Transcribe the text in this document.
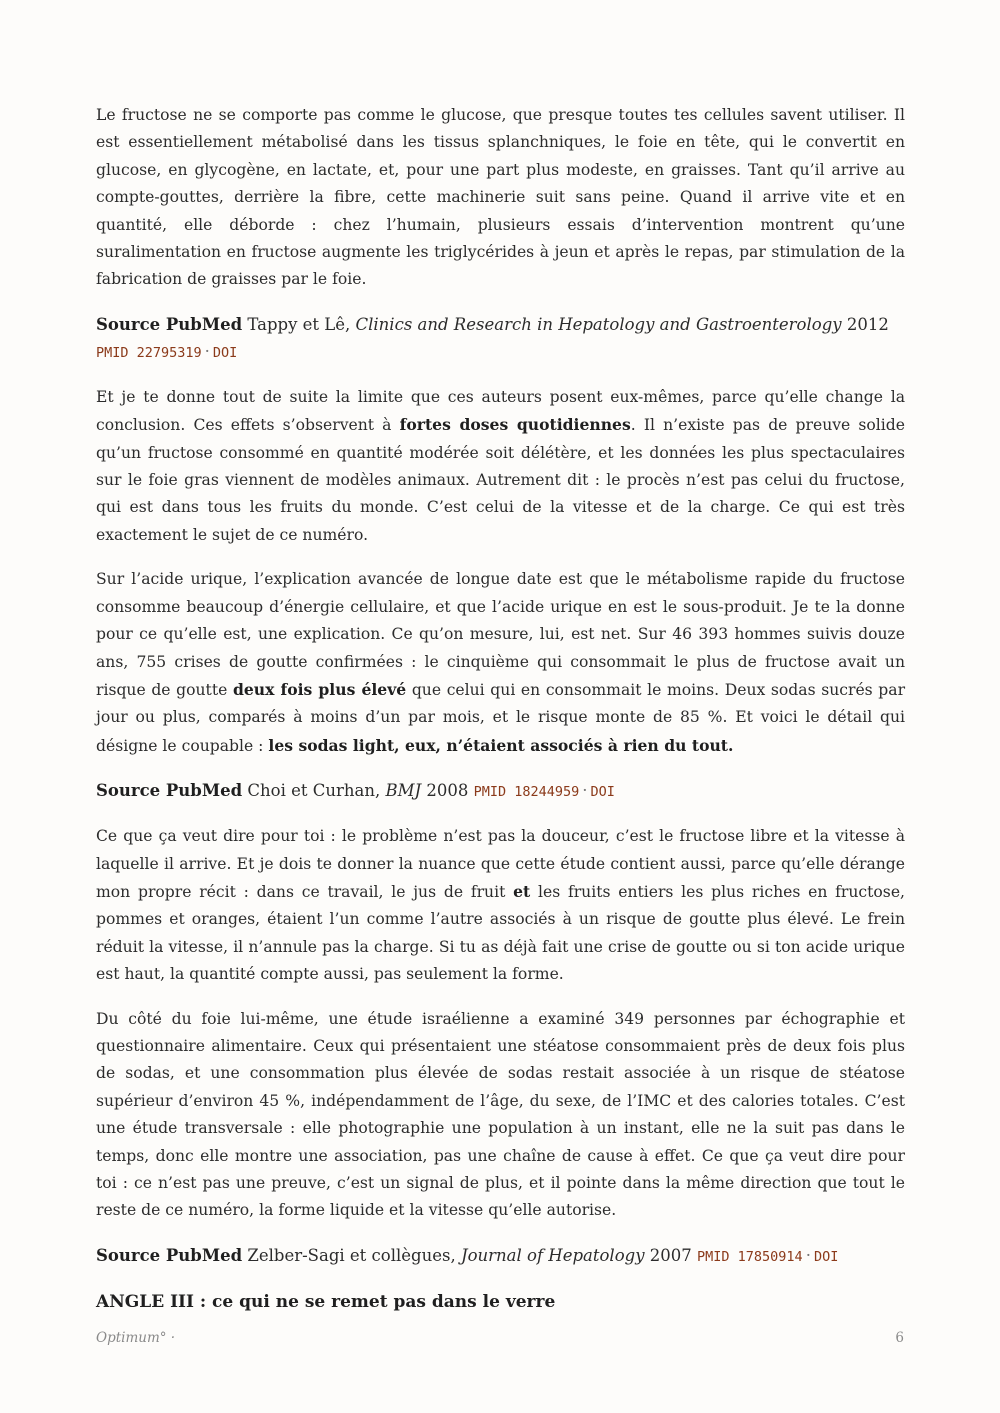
Le fructose ne se comporte pas comme le glucose, que presque toutes tes cellules savent utiliser. Il est essentiellement métabolisé dans les tissus splanchniques, le foie en tête, qui le convertit en glucose, en glycogène, en lactate, et, pour une part plus modeste, en graisses. Tant qu’il arrive au compte-gouttes, derrière la fibre, cette machinerie suit sans peine. Quand il arrive vite et en quantité, elle déborde : chez l’humain, plusieurs essais d’intervention montrent qu’une suralimentation en fructose augmente les triglycérides à jeun et après le repas, par stimulation de la fabrication de graisses par le foie.

Source PubMed Tappy et Lê, Clinics and Research in Hepatology and Gastroenterology 2012 PMID 22795319 · DOI

Et je te donne tout de suite la limite que ces auteurs posent eux-mêmes, parce qu’elle change la conclusion. Ces effets s’observent à fortes doses quotidiennes. Il n’existe pas de preuve solide qu’un fructose consommé en quantité modérée soit délétère, et les données les plus spectaculaires sur le foie gras viennent de modèles animaux. Autrement dit : le procès n’est pas celui du fructose, qui est dans tous les fruits du monde. C’est celui de la vitesse et de la charge. Ce qui est très exactement le sujet de ce numéro.

Sur l’acide urique, l’explication avancée de longue date est que le métabolisme rapide du fructose consomme beaucoup d’énergie cellulaire, et que l’acide urique en est le sous-produit. Je te la donne pour ce qu’elle est, une explication. Ce qu’on mesure, lui, est net. Sur 46 393 hommes suivis douze ans, 755 crises de goutte confirmées : le cinquième qui consommait le plus de fructose avait un risque de goutte deux fois plus élevé que celui qui en consommait le moins. Deux sodas sucrés par jour ou plus, comparés à moins d’un par mois, et le risque monte de 85 %. Et voici le détail qui désigne le coupable : les sodas light, eux, n’étaient associés à rien du tout.

Source PubMed Choi et Curhan, BMJ 2008 PMID 18244959 · DOI

Ce que ça veut dire pour toi : le problème n’est pas la douceur, c’est le fructose libre et la vitesse à laquelle il arrive. Et je dois te donner la nuance que cette étude contient aussi, parce qu’elle dérange mon propre récit : dans ce travail, le jus de fruit et les fruits entiers les plus riches en fructose, pommes et oranges, étaient l’un comme l’autre associés à un risque de goutte plus élevé. Le frein réduit la vitesse, il n’annule pas la charge. Si tu as déjà fait une crise de goutte ou si ton acide urique est haut, la quantité compte aussi, pas seulement la forme.

Du côté du foie lui-même, une étude israélienne a examiné 349 personnes par échographie et questionnaire alimentaire. Ceux qui présentaient une stéatose consommaient près de deux fois plus de sodas, et une consommation plus élevée de sodas restait associée à un risque de stéatose supérieur d’environ 45 %, indépendamment de l’âge, du sexe, de l’IMC et des calories totales. C’est une étude transversale : elle photographie une population à un instant, elle ne la suit pas dans le temps, donc elle montre une association, pas une chaîne de cause à effet. Ce que ça veut dire pour toi : ce n’est pas une preuve, c’est un signal de plus, et il pointe dans la même direction que tout le reste de ce numéro, la forme liquide et la vitesse qu’elle autorise.

Source PubMed Zelber-Sagi et collègues, Journal of Hepatology 2007 PMID 17850914 · DOI
ANGLE III : ce qui ne se remet pas dans le verre
Optimum° ·	6
